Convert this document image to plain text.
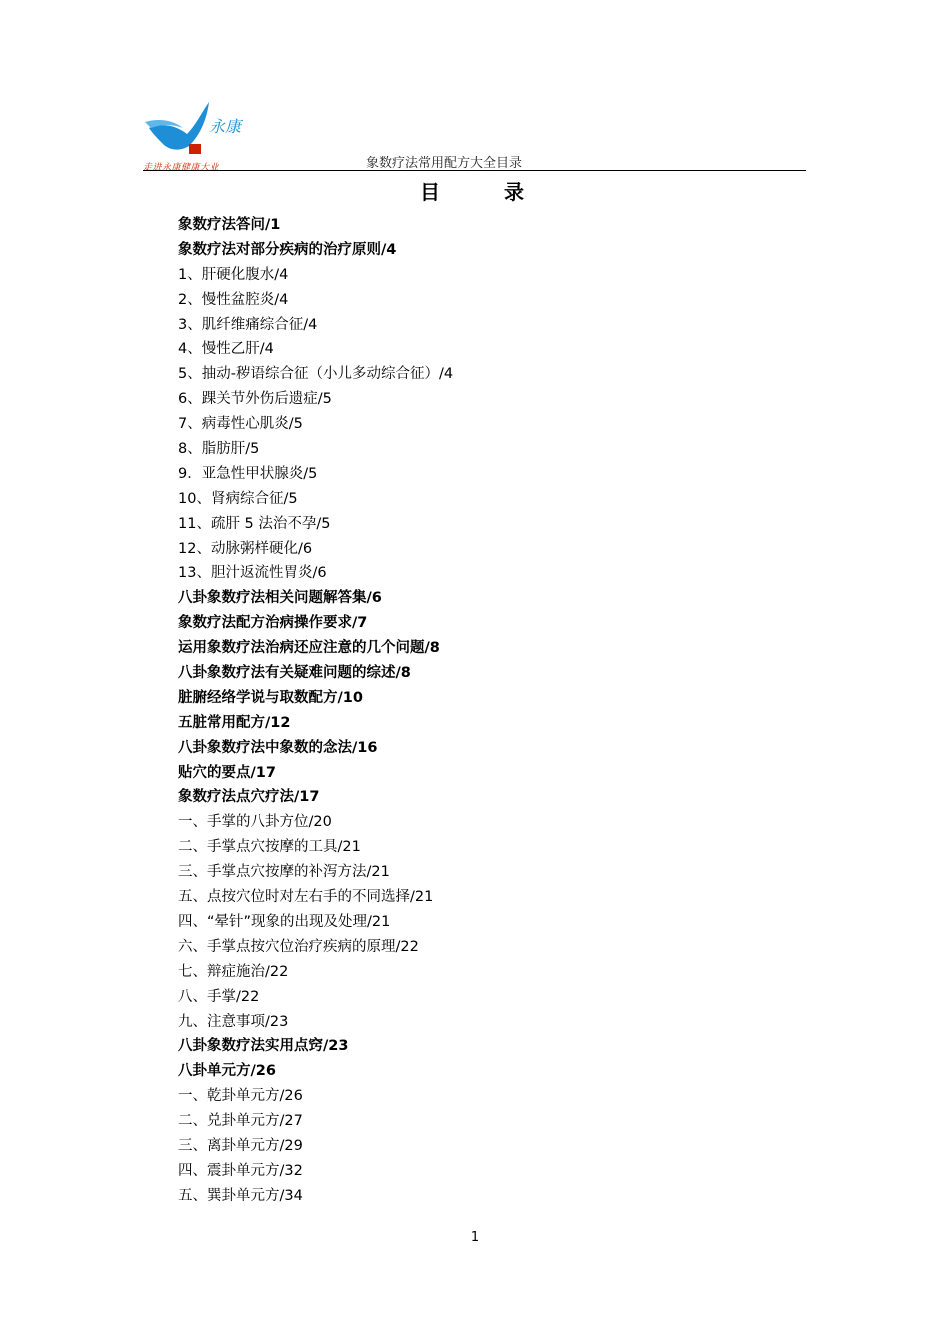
永康
走进永康健康大业	象数疗法常用配方大全目录
目	录
象数疗法答问/1
象数疗法对部分疾病的治疗原则/4
1、肝硬化腹水/4
2、慢性盆腔炎/4
3、肌纤维痛综合征/4
4、慢性乙肝/4
5、抽动-秽语综合征（小儿多动综合征）/4
6、踝关节外伤后遗症/5
7、病毒性心肌炎/5
8、脂肪肝/5
9．亚急性甲状腺炎/5
10、肾病综合征/5
11、疏肝 5 法治不孕/5
12、动脉粥样硬化/6
13、胆汁返流性胃炎/6
八卦象数疗法相关问题解答集/6
象数疗法配方治病操作要求/7
运用象数疗法治病还应注意的几个问题/8
八卦象数疗法有关疑难问题的综述/8
脏腑经络学说与取数配方/10
五脏常用配方/12
八卦象数疗法中象数的念法/16
贴穴的要点/17
象数疗法点穴疗法/17
一、手掌的八卦方位/20
二、手掌点穴按摩的工具/21
三、手掌点穴按摩的补泻方法/21
五、点按穴位时对左右手的不同选择/21
四、“晕针”现象的出现及处理/21
六、手掌点按穴位治疗疾病的原理/22
七、辩症施治/22
八、手掌/22
九、注意事项/23
八卦象数疗法实用点窍/23
八卦单元方/26
一、乾卦单元方/26
二、兑卦单元方/27
三、离卦单元方/29
四、震卦单元方/32
五、巽卦单元方/34
1
